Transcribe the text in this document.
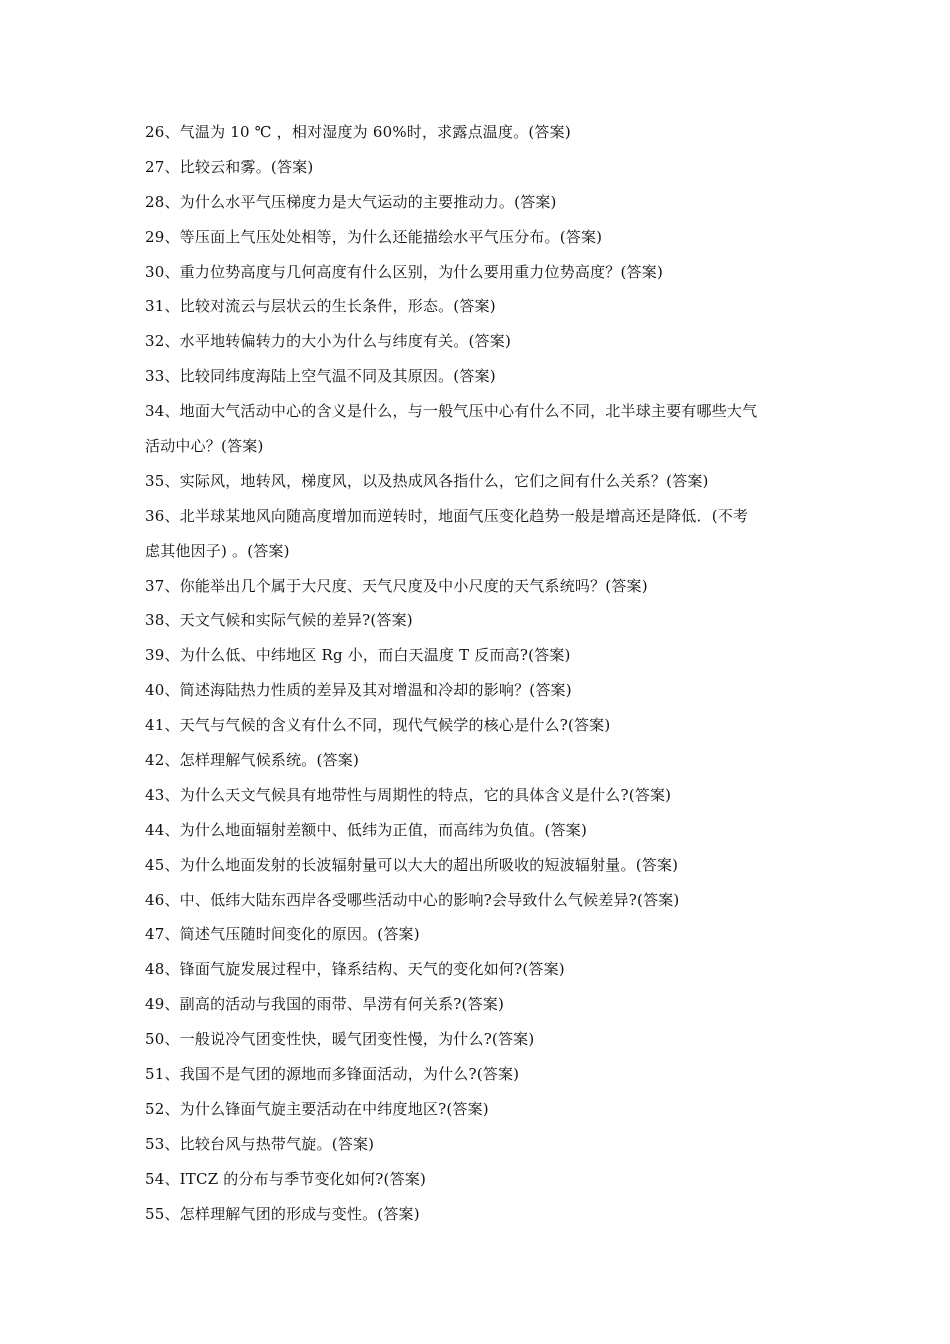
26、气温为 10 ℃ ，相对湿度为 60%时，求露点温度。(答案)
27、比较云和雾。(答案)
28、为什么水平气压梯度力是大气运动的主要推动力。(答案)
29、等压面上气压处处相等，为什么还能描绘水平气压分布。(答案)
30、重力位势高度与几何高度有什么区别，为什么要用重力位势高度？(答案)
31、比较对流云与层状云的生长条件，形态。(答案)
32、水平地转偏转力的大小为什么与纬度有关。(答案)
33、比较同纬度海陆上空气温不同及其原因。(答案)
34、地面大气活动中心的含义是什么，与一般气压中心有什么不同，北半球主要有哪些大气
活动中心？(答案)
35、实际风，地转风，梯度风，以及热成风各指什么，它们之间有什么关系？(答案)
36、北半球某地风向随高度增加而逆转时，地面气压变化趋势一般是增高还是降低．(不考
虑其他因子) 。(答案)
37、你能举出几个属于大尺度、天气尺度及中小尺度的天气系统吗？(答案)
38、天文气候和实际气候的差异?(答案)
39、为什么低、中纬地区 Rg 小，而白天温度 T 反而高?(答案)
40、简述海陆热力性质的差异及其对增温和冷却的影响？(答案)
41、天气与气候的含义有什么不同，现代气候学的核心是什么?(答案)
42、怎样理解气候系统。(答案)
43、为什么天文气候具有地带性与周期性的特点，它的具体含义是什么?(答案)
44、为什么地面辐射差额中、低纬为正值，而高纬为负值。(答案)
45、为什么地面发射的长波辐射量可以大大的超出所吸收的短波辐射量。(答案)
46、中、低纬大陆东西岸各受哪些活动中心的影响?会导致什么气候差异?(答案)
47、简述气压随时间变化的原因。(答案)
48、锋面气旋发展过程中，锋系结构、天气的变化如何?(答案)
49、副高的活动与我国的雨带、旱涝有何关系?(答案)
50、一般说冷气团变性快，暖气团变性慢，为什么?(答案)
51、我国不是气团的源地而多锋面活动，为什么?(答案)
52、为什么锋面气旋主要活动在中纬度地区?(答案)
53、比较台风与热带气旋。(答案)
54、ITCZ 的分布与季节变化如何?(答案)
55、怎样理解气团的形成与变性。(答案)
